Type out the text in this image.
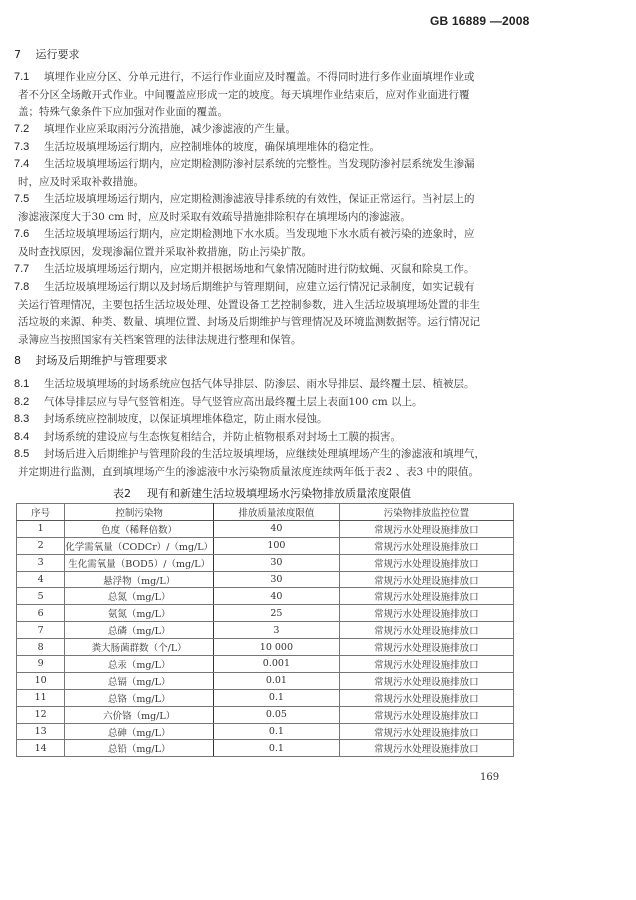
GB 16889 —2008
7 运行要求
7.1 填埋作业应分区、分单元进行，不运行作业面应及时覆盖。不得同时进行多作业面填埋作业或
者不分区全场敞开式作业。中间覆盖应形成一定的坡度。每天填埋作业结束后，应对作业面进行覆
盖；特殊气象条件下应加强对作业面的覆盖。
7.2 填埋作业应采取雨污分流措施，减少渗滤液的产生量。
7.3 生活垃圾填埋场运行期内，应控制堆体的坡度，确保填埋堆体的稳定性。
7.4 生活垃圾填埋场运行期内，应定期检测防渗衬层系统的完整性。当发现防渗衬层系统发生渗漏
时，应及时采取补救措施。
7.5 生活垃圾填埋场运行期内，应定期检测渗滤液导排系统的有效性，保证正常运行。当衬层上的
渗滤液深度大于30 cm 时，应及时采取有效疏导措施排除积存在填埋场内的渗滤液。
7.6 生活垃圾填埋场运行期内，应定期检测地下水水质。当发现地下水水质有被污染的迹象时，应
及时查找原因，发现渗漏位置并采取补救措施，防止污染扩散。
7.7 生活垃圾填埋场运行期内，应定期并根据场地和气象情况随时进行防蚊蝇、灭鼠和除臭工作。
7.8 生活垃圾填埋场运行期以及封场后期维护与管理期间，应建立运行情况记录制度，如实记载有
关运行管理情况，主要包括生活垃圾处理、处置设备工艺控制参数，进入生活垃圾填埋场处置的非生
活垃圾的来源、种类、数量、填埋位置、封场及后期维护与管理情况及环境监测数据等。运行情况记
录簿应当按照国家有关档案管理的法律法规进行整理和保管。
8 封场及后期维护与管理要求
8.1 生活垃圾填埋场的封场系统应包括气体导排层、防渗层、雨水导排层、最终覆土层、植被层。
8.2 气体导排层应与导气竖管相连。导气竖管应高出最终覆土层上表面100 cm 以上。
8.3 封场系统应控制坡度，以保证填埋堆体稳定，防止雨水侵蚀。
8.4 封场系统的建设应与生态恢复相结合，并防止植物根系对封场土工膜的损害。
8.5 封场后进入后期维护与管理阶段的生活垃圾填埋场，应继续处理填埋场产生的渗滤液和填埋气，
并定期进行监测，直到填埋场产生的渗滤液中水污染物质量浓度连续两年低于表2 、表3 中的限值。
表2 现有和新建生活垃圾填埋场水污染物排放质量浓度限值
序号	控制污染物	排放质量浓度限值	污染物排放监控位置
1	色度（稀释倍数）	40	常规污水处理设施排放口
2	化学需氧量（CODCr）/（mg/L）	100	常规污水处理设施排放口
3	生化需氧量（BOD5）/（mg/L）	30	常规污水处理设施排放口
4	悬浮物（mg/L）	30	常规污水处理设施排放口
5	总氮（mg/L）	40	常规污水处理设施排放口
6	氨氮（mg/L）	25	常规污水处理设施排放口
7	总磷（mg/L）	3	常规污水处理设施排放口
8	粪大肠菌群数（个/L）	10 000	常规污水处理设施排放口
9	总汞（mg/L）	0.001	常规污水处理设施排放口
10	总镉（mg/L）	0.01	常规污水处理设施排放口
11	总铬（mg/L）	0.1	常规污水处理设施排放口
12	六价铬（mg/L）	0.05	常规污水处理设施排放口
13	总砷（mg/L）	0.1	常规污水处理设施排放口
14	总铅（mg/L）	0.1	常规污水处理设施排放口
169
